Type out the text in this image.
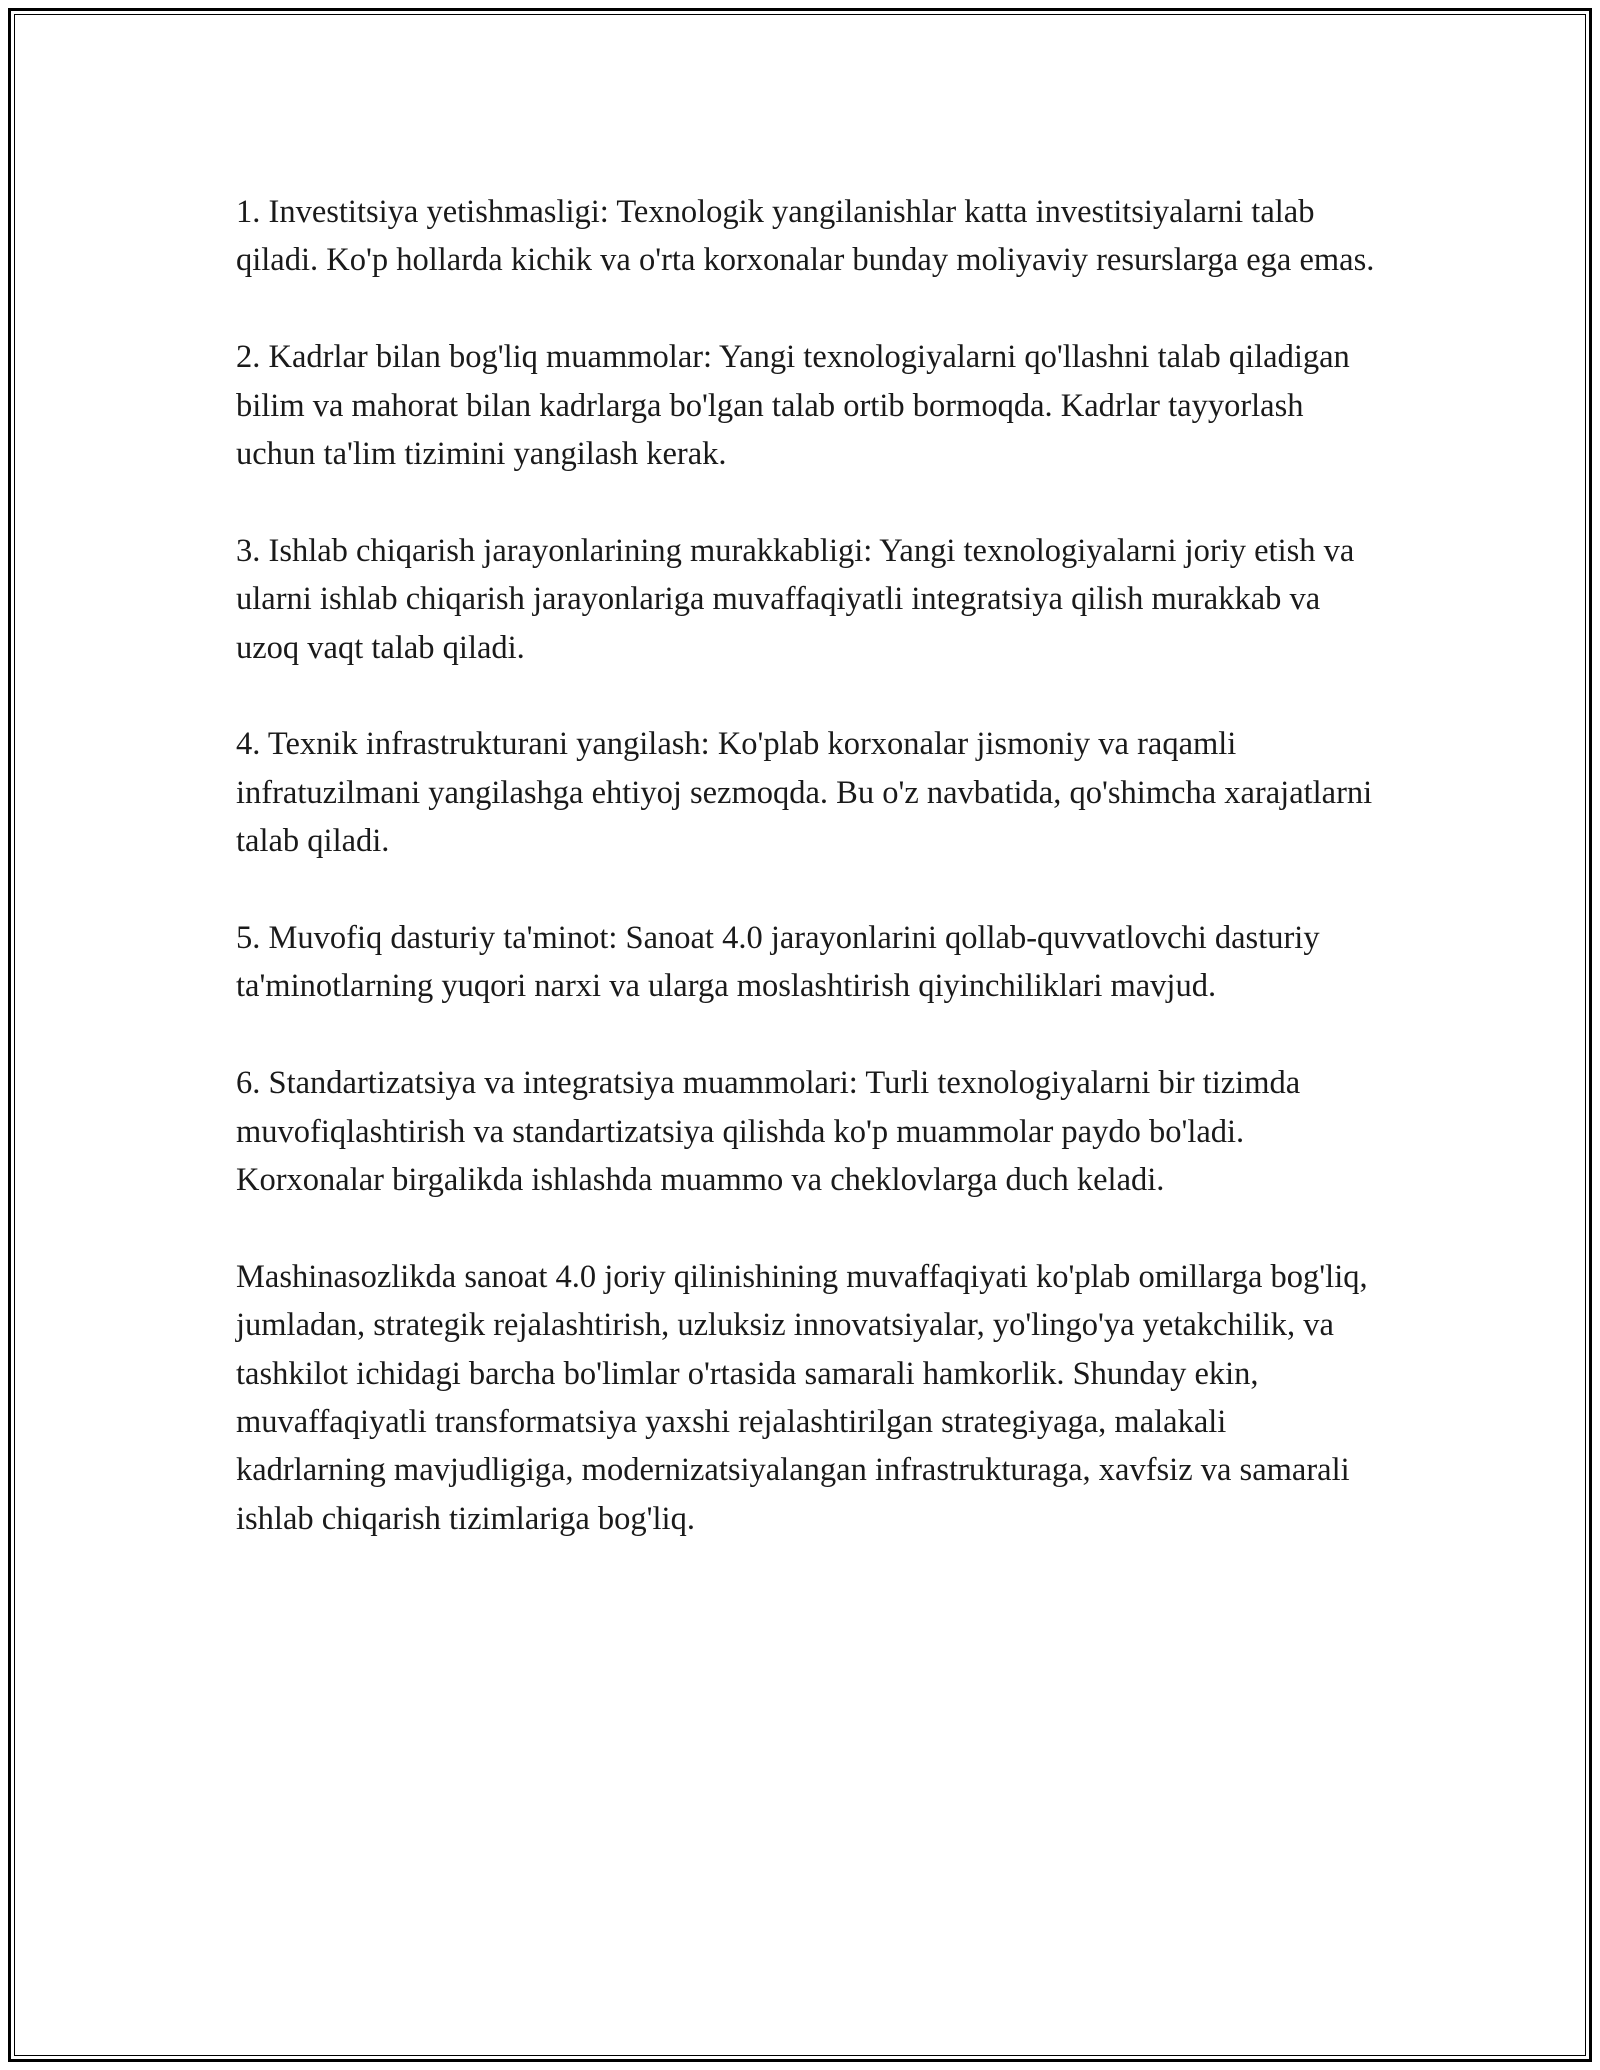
1. Investitsiya yetishmasligi: Texnologik yangilanishlar katta investitsiyalarni talab qiladi. Ko'p hollarda kichik va o'rta korxonalar bunday moliyaviy resurslarga ega emas.

2. Kadrlar bilan bog'liq muammolar: Yangi texnologiyalarni qo'llashni talab qiladigan bilim va mahorat bilan kadrlarga bo'lgan talab ortib bormoqda. Kadrlar tayyorlash uchun ta'lim tizimini yangilash kerak.

3. Ishlab chiqarish jarayonlarining murakkabligi: Yangi texnologiyalarni joriy etish va ularni ishlab chiqarish jarayonlariga muvaffaqiyatli integratsiya qilish murakkab va uzoq vaqt talab qiladi.

4. Texnik infrastrukturani yangilash: Ko'plab korxonalar jismoniy va raqamli infratuzilmani yangilashga ehtiyoj sezmoqda. Bu o'z navbatida, qo'shimcha xarajatlarni talab qiladi.

5. Muvofiq dasturiy ta'minot: Sanoat 4.0 jarayonlarini qollab-quvvatlovchi dasturiy ta'minotlarning yuqori narxi va ularga moslashtirish qiyinchiliklari mavjud.

6. Standartizatsiya va integratsiya muammolari: Turli texnologiyalarni bir tizimda muvofiqlashtirish va standartizatsiya qilishda ko'p muammolar paydo bo'ladi. Korxonalar birgalikda ishlashda muammo va cheklovlarga duch keladi.

Mashinasozlikda sanoat 4.0 joriy qilinishining muvaffaqiyati ko'plab omillarga bog'liq, jumladan, strategik rejalashtirish, uzluksiz innovatsiyalar, yo'lingo'ya yetakchilik, va tashkilot ichidagi barcha bo'limlar o'rtasida samarali hamkorlik. Shunday ekin, muvaffaqiyatli transformatsiya yaxshi rejalashtirilgan strategiyaga, malakali kadrlarning mavjudligiga, modernizatsiyalangan infrastrukturaga, xavfsiz va samarali ishlab chiqarish tizimlariga bog'liq.
